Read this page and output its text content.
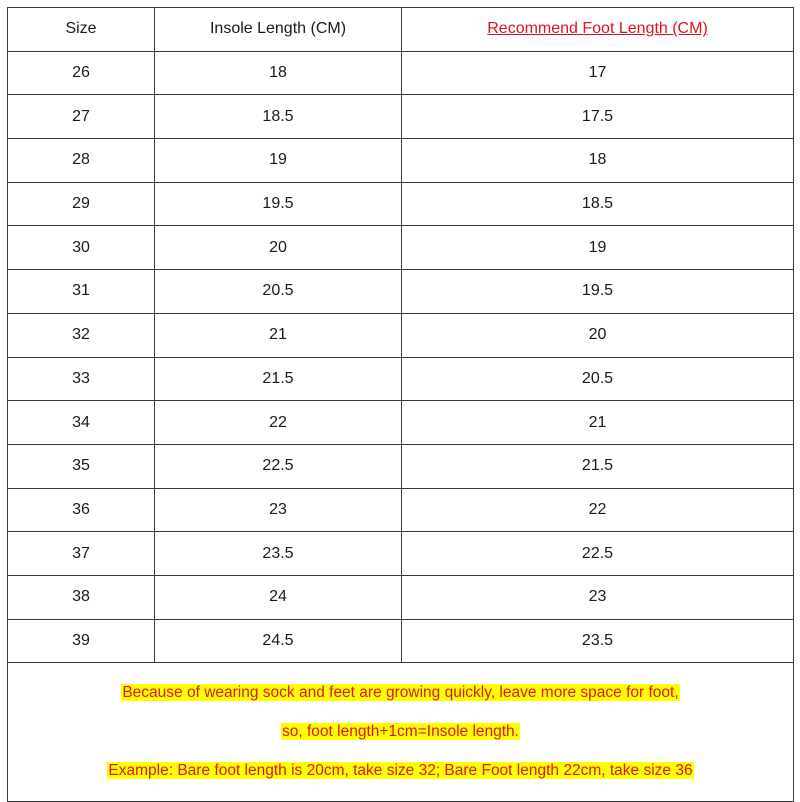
Size	Insole Length (CM)	Recommend Foot Length (CM)
26	18	17
27	18.5	17.5
28	19	18
29	19.5	18.5
30	20	19
31	20.5	19.5
32	21	20
33	21.5	20.5
34	22	21
35	22.5	21.5
36	23	22
37	23.5	22.5
38	24	23
39	24.5	23.5

Because of wearing sock and feet are growing quickly, leave more space for foot,
so, foot length+1cm=Insole length.
Example: Bare foot length is 20cm, take size 32; Bare Foot length 22cm, take size 36		
